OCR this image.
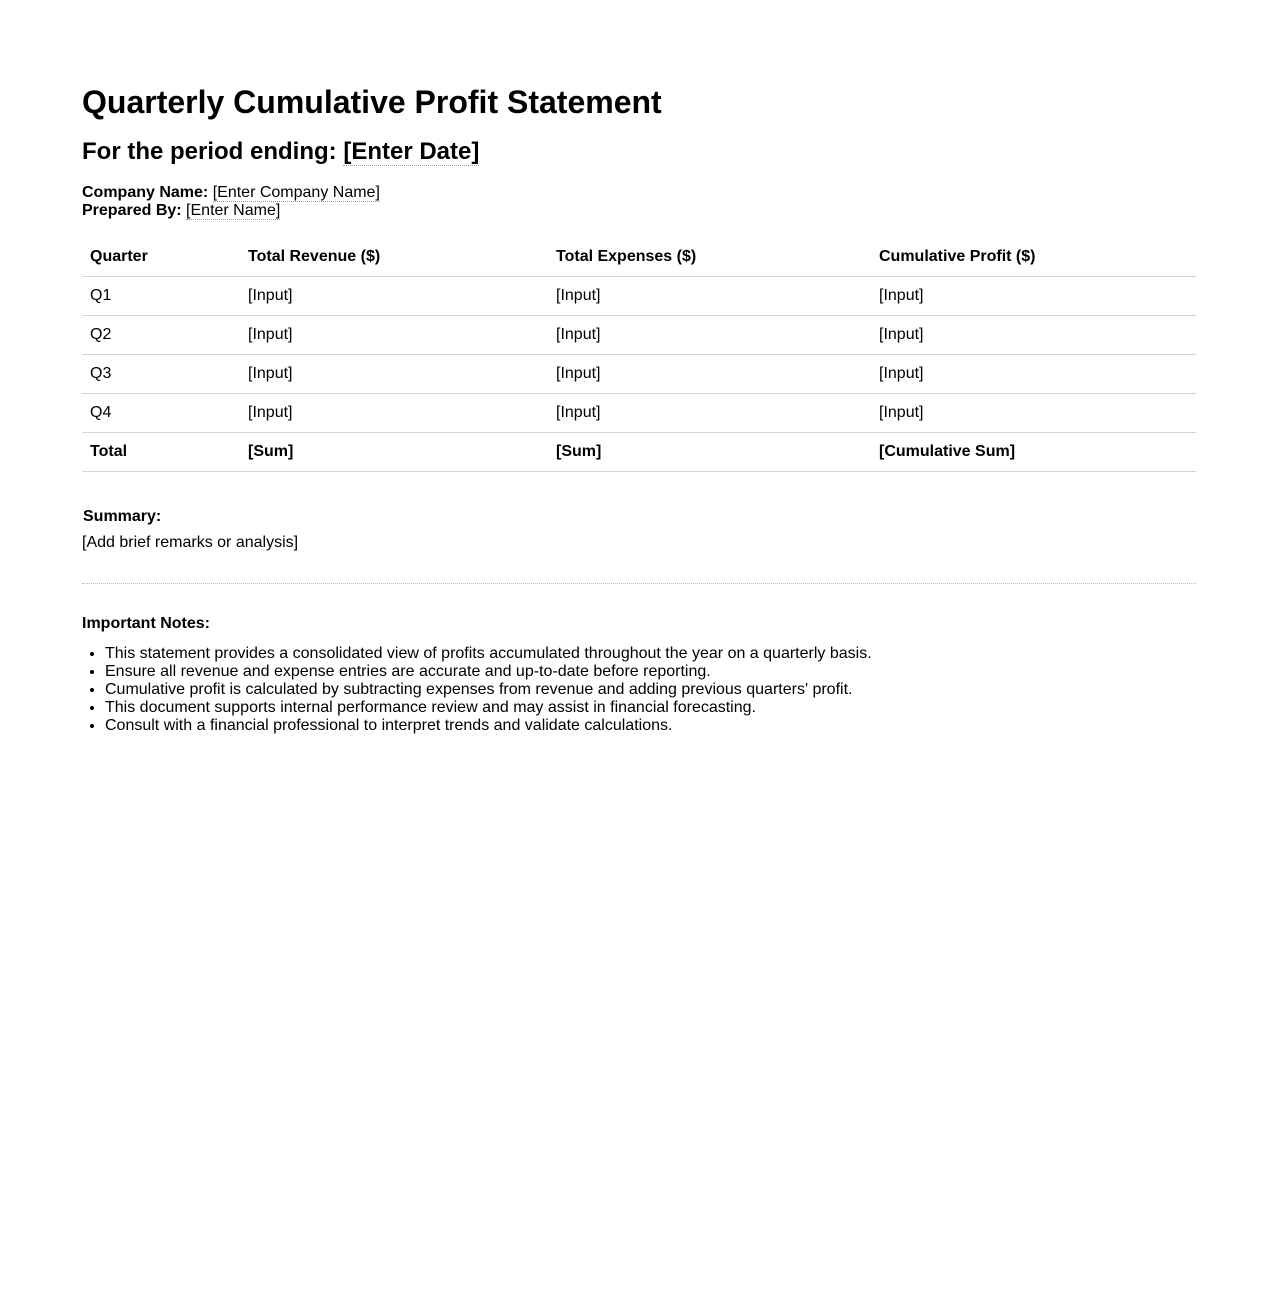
Quarterly Cumulative Profit Statement
For the period ending: [Enter Date]
Company Name: [Enter Company Name]
Prepared By: [Enter Name]
Quarter	Total Revenue ($)	Total Expenses ($)	Cumulative Profit ($)
Q1	[Input]	[Input]	[Input]
Q2	[Input]	[Input]	[Input]
Q3	[Input]	[Input]	[Input]
Q4	[Input]	[Input]	[Input]
Total	[Sum]	[Sum]	[Cumulative Sum]
Summary:
[Add brief remarks or analysis]
Important Notes:
• This statement provides a consolidated view of profits accumulated throughout the year on a quarterly basis.
• Ensure all revenue and expense entries are accurate and up-to-date before reporting.
• Cumulative profit is calculated by subtracting expenses from revenue and adding previous quarters' profit.
• This document supports internal performance review and may assist in financial forecasting.
• Consult with a financial professional to interpret trends and validate calculations.
